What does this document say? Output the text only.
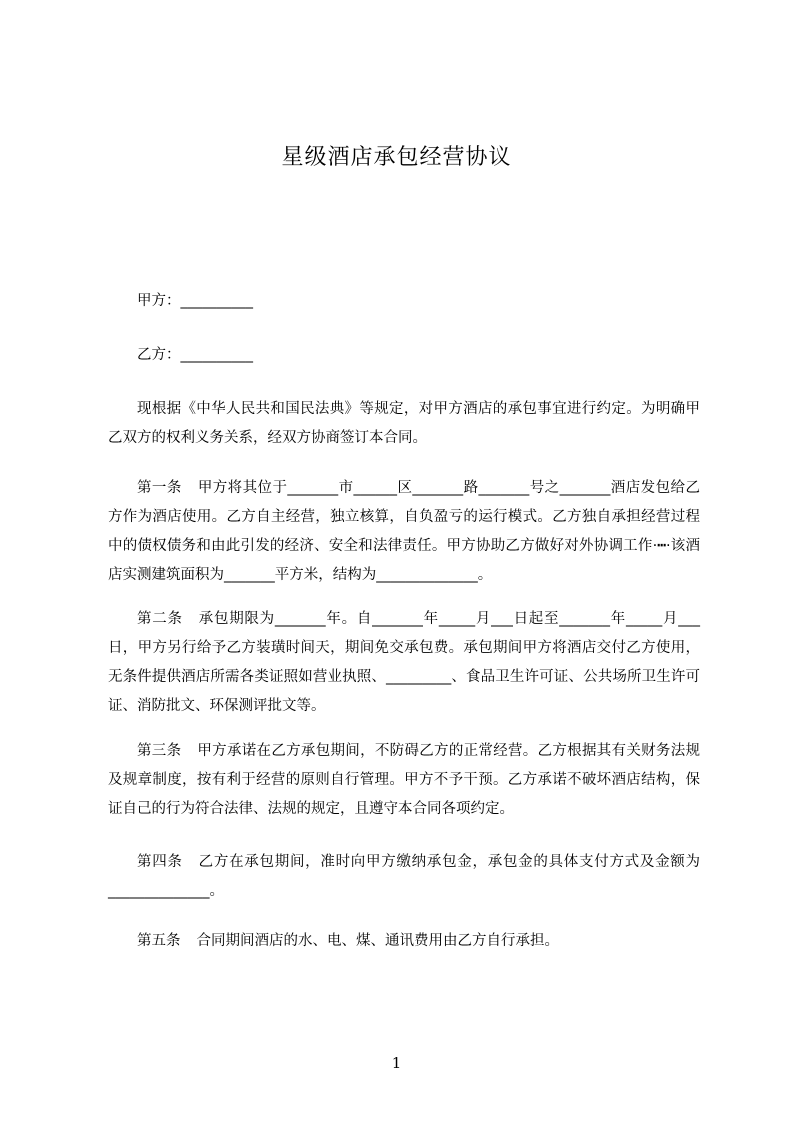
星级酒店承包经营协议
甲方：__________
乙方：__________

现根据《中华人民共和国民法典》等规定，对甲方酒店的承包事宜进行约定。为明确甲乙双方的权利义务关系，经双方协商签订本合同。

第一条 甲方将其位于_______市______区_______路_______号之_______酒店发包给乙方作为酒店使用。乙方自主经营，独立核算，自负盈亏的运行模式。乙方独自承担经营过程中的债权债务和由此引发的经济、安全和法律责任。甲方协助乙方做好对外协调工作·┅·该酒店实测建筑面积为_______平方米，结构为______________。

第二条 承包期限为_______年。自_______年_____月___日起至_______年_____月___日，甲方另行给予乙方装璜时间天，期间免交承包费。承包期间甲方将酒店交付乙方使用，无条件提供酒店所需各类证照如营业执照、_________、食品卫生许可证、公共场所卫生许可证、消防批文、环保测评批文等。

第三条 甲方承诺在乙方承包期间，不防碍乙方的正常经营。乙方根据其有关财务法规及规章制度，按有利于经营的原则自行管理。甲方不予干预。乙方承诺不破坏酒店结构，保证自己的行为符合法律、法规的规定，且遵守本合同各项约定。

第四条 乙方在承包期间，准时向甲方缴纳承包金，承包金的具体支付方式及金额为______________。

第五条 合同期间酒店的水、电、煤、通讯费用由乙方自行承担。

1
